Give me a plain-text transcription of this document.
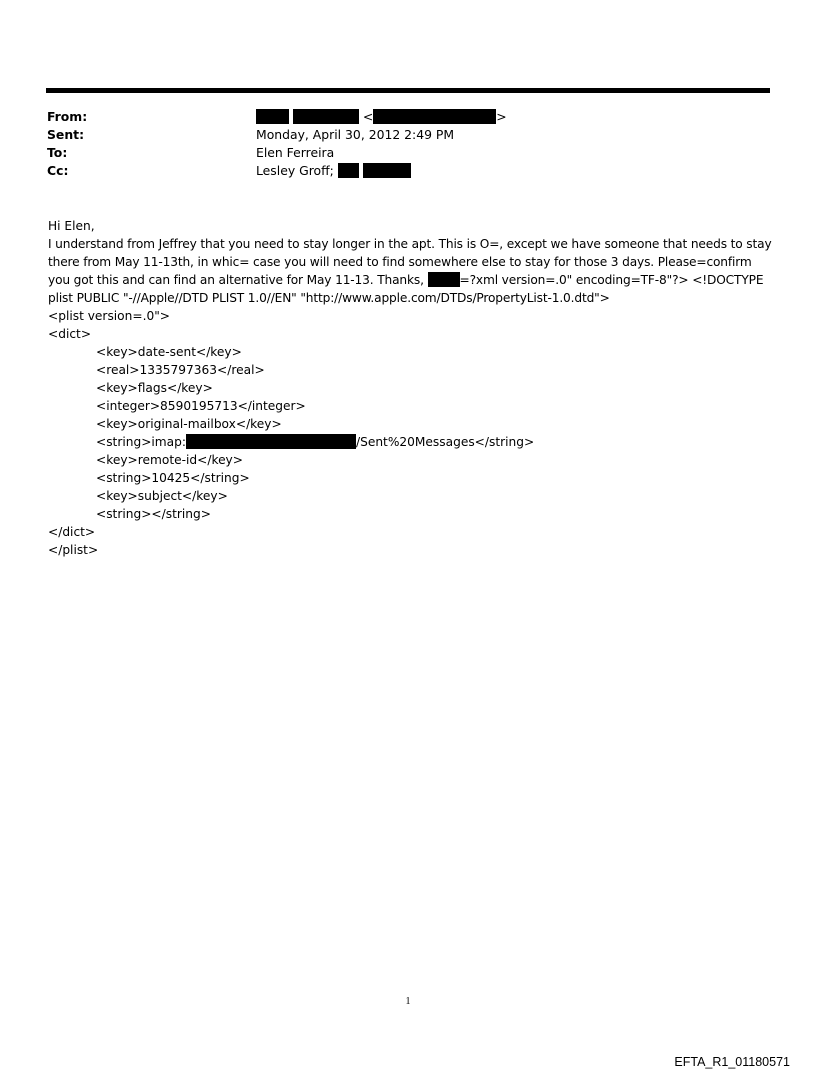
From:	<	>
Sent:	Monday, April 30, 2012 2:49 PM
To:	Elen Ferreira
Cc:	Lesley Groff;

Hi Elen,

I understand from Jeffrey that you need to stay longer in the apt. This is O=, except we have someone that needs to stay there from May 11-13th, in whic= case you will need to find somewhere else to stay for those 3 days. Please=confirm you got this and can find an alternative for May 11-13. Thanks,	=?xml version=.0" encoding=TF-8"?> <!DOCTYPE plist PUBLIC "-//Apple//DTD PLIST 1.0//EN" "http://www.apple.com/DTDs/PropertyList-1.0.dtd">

<plist version=.0">

<dict>

<key>date-sent</key>

<real>1335797363</real>

<key>flags</key>

<integer>8590195713</integer>

<key>original-mailbox</key>

<string>imap:	/Sent%20Messages</string>

<key>remote-id</key>

<string>10425</string>

<key>subject</key>

<string></string>

</dict>

</plist>

1
EFTA_R1_01180571
